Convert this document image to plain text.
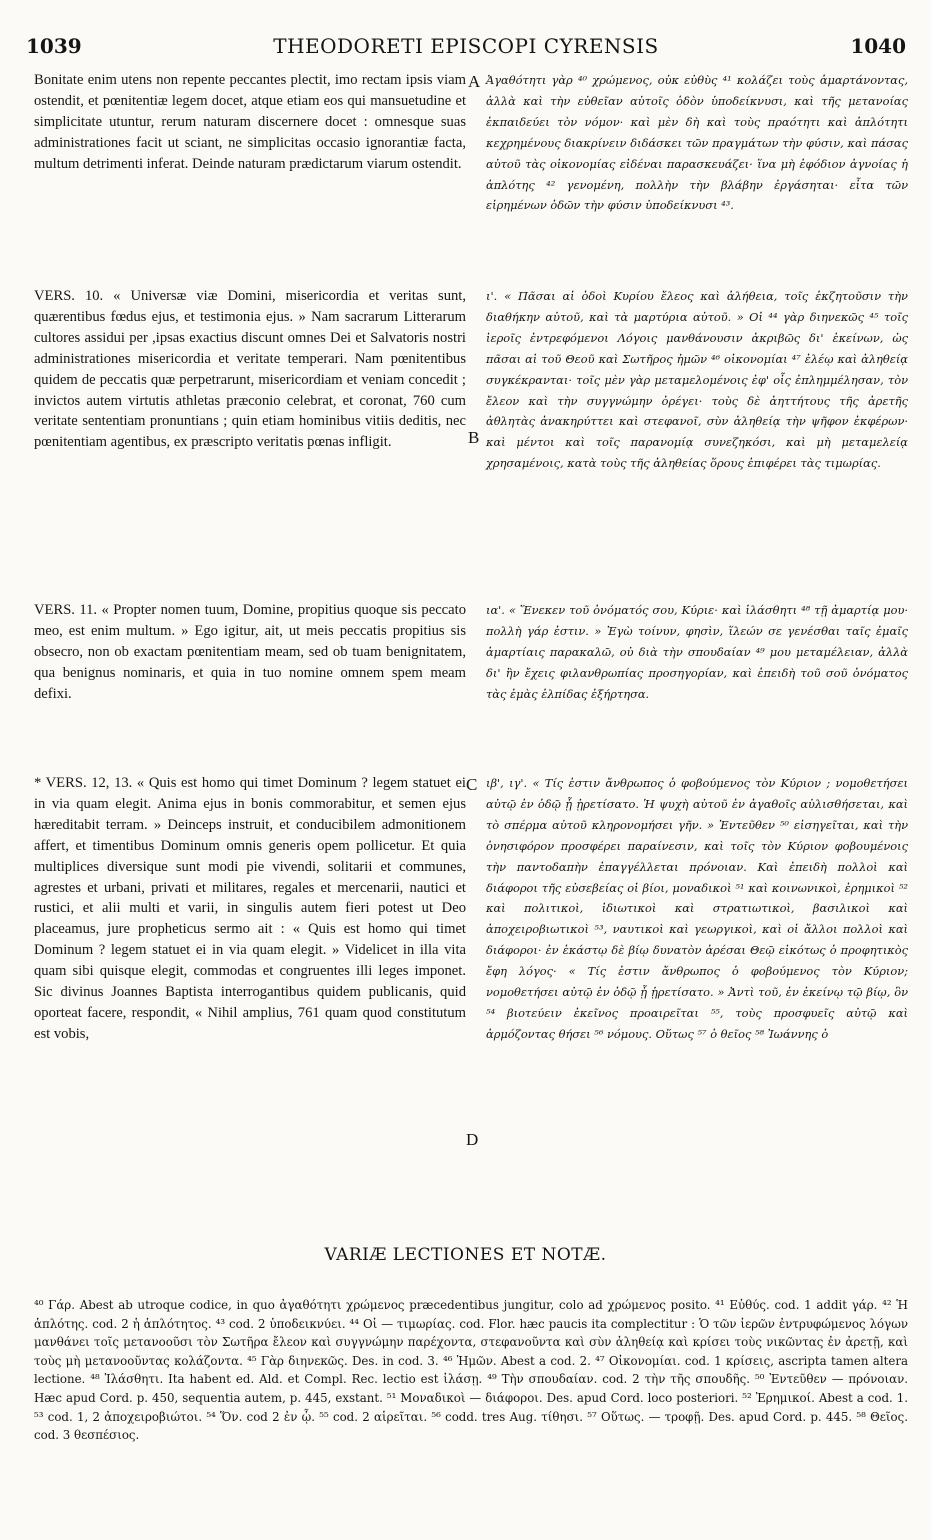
1039	THEODORETI EPISCOPI CYRENSIS	1040

Bonitate enim utens non repente peccantes plectit, imo rectam ipsis viam ostendit, et pœnitentiæ legem docet, atque etiam eos qui mansuetudine et simplicitate utuntur, rerum naturam discernere docet : omnesque suas administrationes facit ut sciant, ne simplicitas occasio ignorantiæ facta, multum detrimenti inferat. Deinde naturam prædictarum viarum ostendit.

VERS. 10. « Universæ viæ Domini, misericordia et veritas sunt, quærentibus fœdus ejus, et testimonia ejus. » Nam sacrarum Litterarum cultores assidui per ,ipsas exactius discunt omnes Dei et Salvatoris nostri administrationes misericordia et veritate temperari. Nam pœnitentibus quidem de peccatis quæ perpetrarunt, misericordiam et veniam concedit ; invictos autem virtutis athletas præconio celebrat, et coronat, 760 cum veritate sententiam pronuntians ; quin etiam hominibus vitiis deditis, nec pœnitentiam agentibus, ex præscripto veritatis pœnas infligit.

VERS. 11. « Propter nomen tuum, Domine, propitius quoque sis peccato meo, est enim multum. » Ego igitur, ait, ut meis peccatis propitius sis obsecro, non ob exactam pœnitentiam meam, sed ob tuam benignitatem, qua benignus nominaris, et quia in tuo nomine omnem spem meam defixi.

* VERS. 12, 13. « Quis est homo qui timet Dominum ? legem statuet ei in via quam elegit. Anima ejus in bonis commorabitur, et semen ejus hæreditabit terram. » Deinceps instruit, et conducibilem admonitionem affert, et timentibus Dominum omnis generis opem pollicetur. Et quia multiplices diversique sunt modi pie vivendi, solitarii et communes, agrestes et urbani, privati et militares, regales et mercenarii, nautici et rustici, et alii multi et varii, in singulis autem fieri potest ut Deo placeamus, jure propheticus sermo ait : « Quis est homo qui timet Dominum ? legem statuet ei in via quam elegit. » Videlicet in illa vita quam sibi quisque elegit, commodas et congruentes illi leges imponet. Sic divinus Joannes Baptista interrogantibus quidem publicanis, quid oporteat facere, respondit, « Nihil amplius, 761 quam quod constitutum est vobis,

A
B
C
D

Ἀγαθότητι γὰρ ⁴⁰ χρώμενος, οὐκ εὐθὺς ⁴¹ κολάζει τοὺς ἁμαρτάνοντας, ἀλλὰ καὶ τὴν εὐθεῖαν αὐτοῖς ὁδὸν ὑποδείκνυσι, καὶ τῆς μετανοίας ἐκπαιδεύει τὸν νόμον· καὶ μὲν δὴ καὶ τοὺς πραότητι καὶ ἁπλότητι κεχρημένους διακρίνειν διδάσκει τῶν πραγμάτων τὴν φύσιν, καὶ πάσας αὐτοῦ τὰς οἰκονομίας εἰδέναι παρασκευάζει· ἵνα μὴ ἐφόδιον ἀγνοίας ἡ ἁπλότης ⁴² γενομένη, πολλὴν τὴν βλάβην ἐργάσηται· εἶτα τῶν εἰρημένων ὁδῶν τὴν φύσιν ὑποδείκνυσι ⁴³.

ι'. « Πᾶσαι αἱ ὁδοὶ Κυρίου ἔλεος καὶ ἀλήθεια, τοῖς ἐκζητοῦσιν τὴν διαθήκην αὐτοῦ, καὶ τὰ μαρτύρια αὐτοῦ. » Οἱ ⁴⁴ γὰρ διηνεκῶς ⁴⁵ τοῖς ἱεροῖς ἐντρεφόμενοι Λόγοις μανθάνουσιν ἀκριβῶς δι' ἐκείνων, ὡς πᾶσαι αἱ τοῦ Θεοῦ καὶ Σωτῆρος ἡμῶν ⁴⁶ οἰκονομίαι ⁴⁷ ἐλέῳ καὶ ἀληθείᾳ συγκέκρανται· τοῖς μὲν γὰρ μεταμελομένοις ἐφ' οἷς ἐπλημμέλησαν, τὸν ἔλεον καὶ τὴν συγγνώμην ὀρέγει· τοὺς δὲ ἀηττήτους τῆς ἀρετῆς ἀθλητὰς ἀνακηρύττει καὶ στεφανοῖ, σὺν ἀληθείᾳ τὴν ψῆφον ἐκφέρων· καὶ μέντοι καὶ τοῖς παρανομίᾳ συνεζηκόσι, καὶ μὴ μεταμελείᾳ χρησαμένοις, κατὰ τοὺς τῆς ἀληθείας ὅρους ἐπιφέρει τὰς τιμωρίας.

ια'. « Ἕνεκεν τοῦ ὀνόματός σου, Κύριε· καὶ ἱλάσθητι ⁴⁸ τῇ ἁμαρτίᾳ μου· πολλὴ γάρ ἐστιν. » Ἐγὼ τοίνυν, φησὶν, ἵλεών σε γενέσθαι ταῖς ἐμαῖς ἁμαρτίαις παρακαλῶ, οὐ διὰ τὴν σπουδαίαν ⁴⁹ μου μεταμέλειαν, ἀλλὰ δι' ἣν ἔχεις φιλανθρωπίας προσηγορίαν, καὶ ἐπειδὴ τοῦ σοῦ ὀνόματος τὰς ἐμὰς ἐλπίδας ἐξήρτησα.

ιβ', ιγ'. « Τίς ἐστιν ἄνθρωπος ὁ φοβούμενος τὸν Κύριον ; νομοθετήσει αὐτῷ ἐν ὁδῷ ᾗ ᾑρετίσατο. Ἡ ψυχὴ αὐτοῦ ἐν ἀγαθοῖς αὐλισθήσεται, καὶ τὸ σπέρμα αὐτοῦ κληρονομήσει γῆν. » Ἐντεῦθεν ⁵⁰ εἰσηγεῖται, καὶ τὴν ὀνησιφόρον προσφέρει παραίνεσιν, καὶ τοῖς τὸν Κύριον φοβουμένοις τὴν παντοδαπὴν ἐπαγγέλλεται πρόνοιαν. Καὶ ἐπειδὴ πολλοὶ καὶ διάφοροι τῆς εὐσεβείας οἱ βίοι, μοναδικοὶ ⁵¹ καὶ κοινωνικοὶ, ἐρημικοὶ ⁵² καὶ πολιτικοὶ, ἰδιωτικοὶ καὶ στρατιωτικοὶ, βασιλικοὶ καὶ ἀποχειροβιωτικοὶ ⁵³, ναυτικοὶ καὶ γεωργικοὶ, καὶ οἱ ἄλλοι πολλοὶ καὶ διάφοροι· ἐν ἑκάστῳ δὲ βίῳ δυνατὸν ἀρέσαι Θεῷ εἰκότως ὁ προφητικὸς ἔφη λόγος· « Τίς ἐστιν ἄνθρωπος ὁ φοβούμενος τὸν Κύριον; νομοθετήσει αὐτῷ ἐν ὁδῷ ᾗ ᾑρετίσατο. » Ἀντὶ τοῦ, ἐν ἐκείνῳ τῷ βίῳ, ὃν ⁵⁴ βιοτεύειν ἐκεῖνος προαιρεῖται ⁵⁵, τοὺς προσφυεῖς αὐτῷ καὶ ἁρμόζοντας θήσει ⁵⁶ νόμους. Οὕτως ⁵⁷ ὁ θεῖος ⁵⁸ Ἰωάννης ὁ

VARIÆ LECTIONES ET NOTÆ.

⁴⁰ Γάρ. Abest ab utroque codice, in quo ἀγαθότητι χρώμενος præcedentibus jungitur, colo ad χρώμενος posito. ⁴¹ Εὐθύς. cod. 1 addit γάρ. ⁴² Ἡ ἁπλότης. cod. 2 ἡ ἁπλότητος. ⁴³ cod. 2 ὑποδεικνύει. ⁴⁴ Οἱ — τιμωρίας. cod. Flor. hæc paucis ita complectitur : Ὁ τῶν ἱερῶν ἐντρυφώμενος λόγων μανθάνει τοῖς μετανοοῦσι τὸν Σωτῆρα ἔλεον καὶ συγγνώμην παρέχοντα, στεφανοῦντα καὶ σὺν ἀληθείᾳ καὶ κρίσει τοὺς νικῶντας ἐν ἀρετῇ, καὶ τοὺς μὴ μετανοοῦντας κολάζοντα. ⁴⁵ Γὰρ διηνεκῶς. Des. in cod. 3. ⁴⁶ Ἡμῶν. Abest a cod. 2. ⁴⁷ Οἰκονομίαι. cod. 1 κρίσεις, ascripta tamen altera lectione. ⁴⁸ Ἱλάσθητι. Ita habent ed. Ald. et Compl. Rec. lectio est ἱλάσῃ. ⁴⁹ Τὴν σπουδαίαν. cod. 2 τὴν τῆς σπουδῆς. ⁵⁰ Ἐντεῦθεν — πρόνοιαν. Hæc apud Cord. p. 450, sequentia autem, p. 445, exstant. ⁵¹ Μοναδικοὶ — διάφοροι. Des. apud Cord. loco posteriori. ⁵² Ἐρημικοί. Abest a cod. 1. ⁵³ cod. 1, 2 ἀποχειροβιώτοι. ⁵⁴ Ὅν. cod 2 ἐν ᾧ. ⁵⁵ cod. 2 αἱρεῖται. ⁵⁶ codd. tres Aug. τίθησι. ⁵⁷ Οὕτως. — τροφῇ. Des. apud Cord. p. 445. ⁵⁸ Θεῖος. cod. 3 θεσπέσιος.
